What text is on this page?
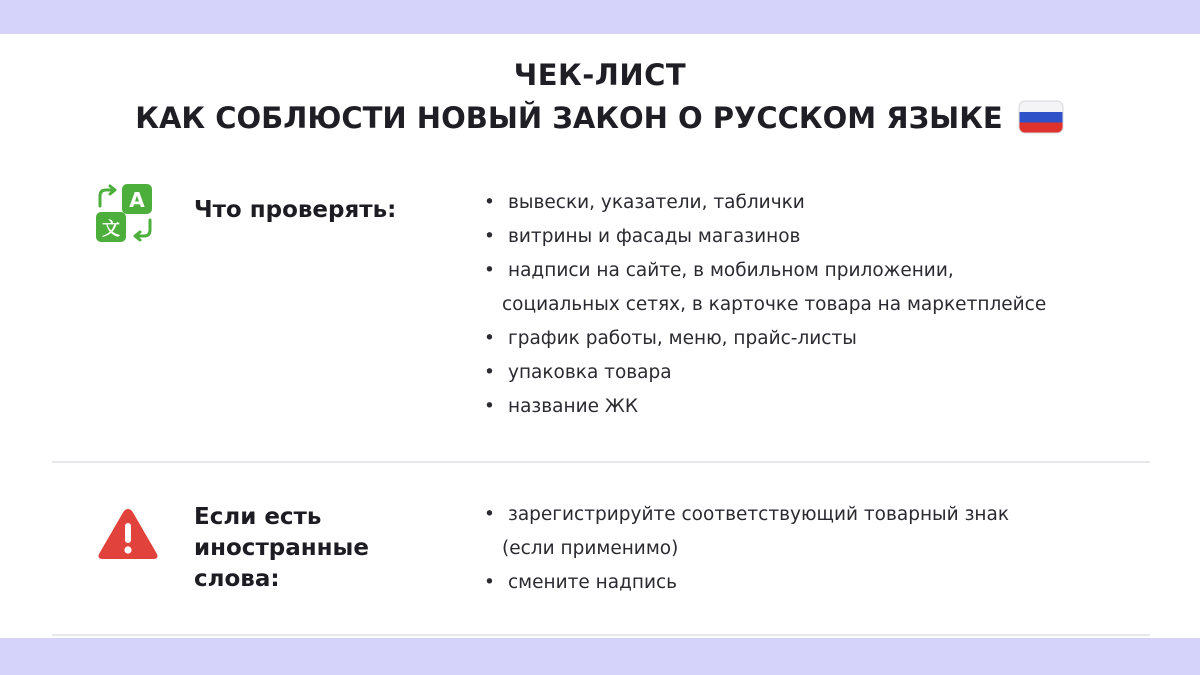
ЧЕК-ЛИСТ
КАК СОБЛЮСТИ НОВЫЙ ЗАКОН О РУССКОМ ЯЗЫКЕ
A
文
Что проверять:
•	вывески, указатели, таблички
• витрины и фасады магазинов
• надписи на сайте, в мобильном приложении,
социальных сетях, в карточке товара на маркетплейсе
• график работы, меню, прайс-листы
• упаковка товара
• название ЖК
Если есть
иностранные
слова:
• зарегистрируйте соответствующий товарный знак
(если применимо)
• смените надпись
